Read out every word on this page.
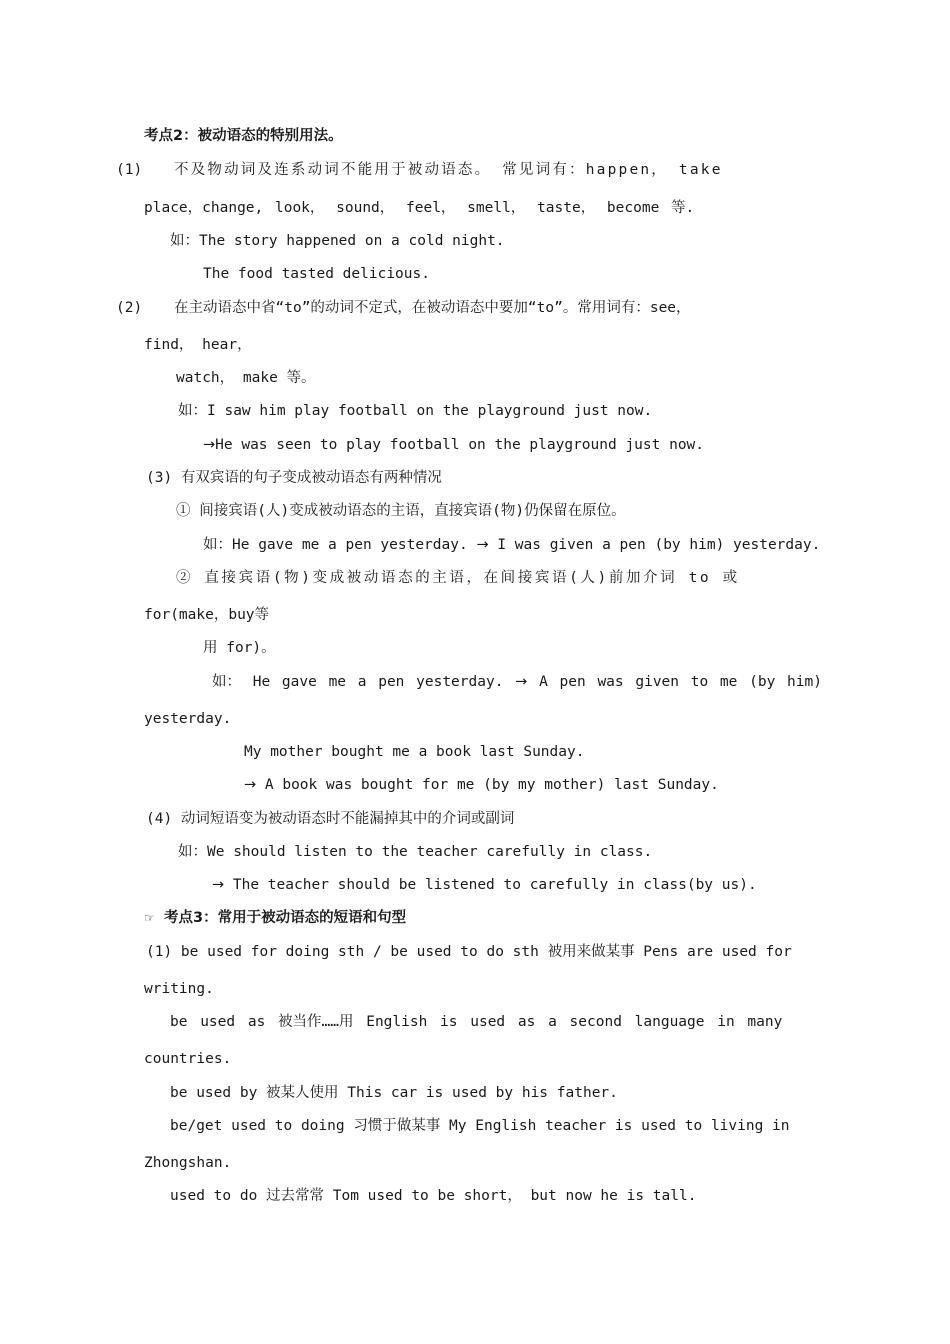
考点2：被动语态的特别用法。
(1) 不及物动词及连系动词不能用于被动语态。 常见词有：happen， take
place，change, look， sound， feel， smell， taste， become 等.
如：The story happened on a cold night.
The food tasted delicious.
(2) 在主动语态中省“to”的动词不定式，在被动语态中要加“to”。常用词有：see，
find， hear，
watch， make 等。
如：I saw him play football on the playground just now.
→He was seen to play football on the playground just now.
(3) 有双宾语的句子变成被动语态有两种情况
① 间接宾语(人)变成被动语态的主语，直接宾语(物)仍保留在原位。
如：He gave me a pen yesterday. → I was given a pen (by him) yesterday.
② 直接宾语(物)变成被动语态的主语，在间接宾语(人)前加介词 to 或
for(make，buy等
用 for)。
如： He gave me a pen yesterday. → A pen was given to me (by him)
yesterday.
My mother bought me a book last Sunday.
→ A book was bought for me (by my mother) last Sunday.
(4) 动词短语变为被动语态时不能漏掉其中的介词或副词
如：We should listen to the teacher carefully in class.
→ The teacher should be listened to carefully in class(by us).
☞ 考点3：常用于被动语态的短语和句型
(1) be used for doing sth / be used to do sth 被用来做某事 Pens are used for
writing.
be used as 被当作……用 English is used as a second language in many
countries.
be used by 被某人使用 This car is used by his father.
be/get used to doing 习惯于做某事 My English teacher is used to living in
Zhongshan.
used to do 过去常常 Tom used to be short， but now he is tall.
